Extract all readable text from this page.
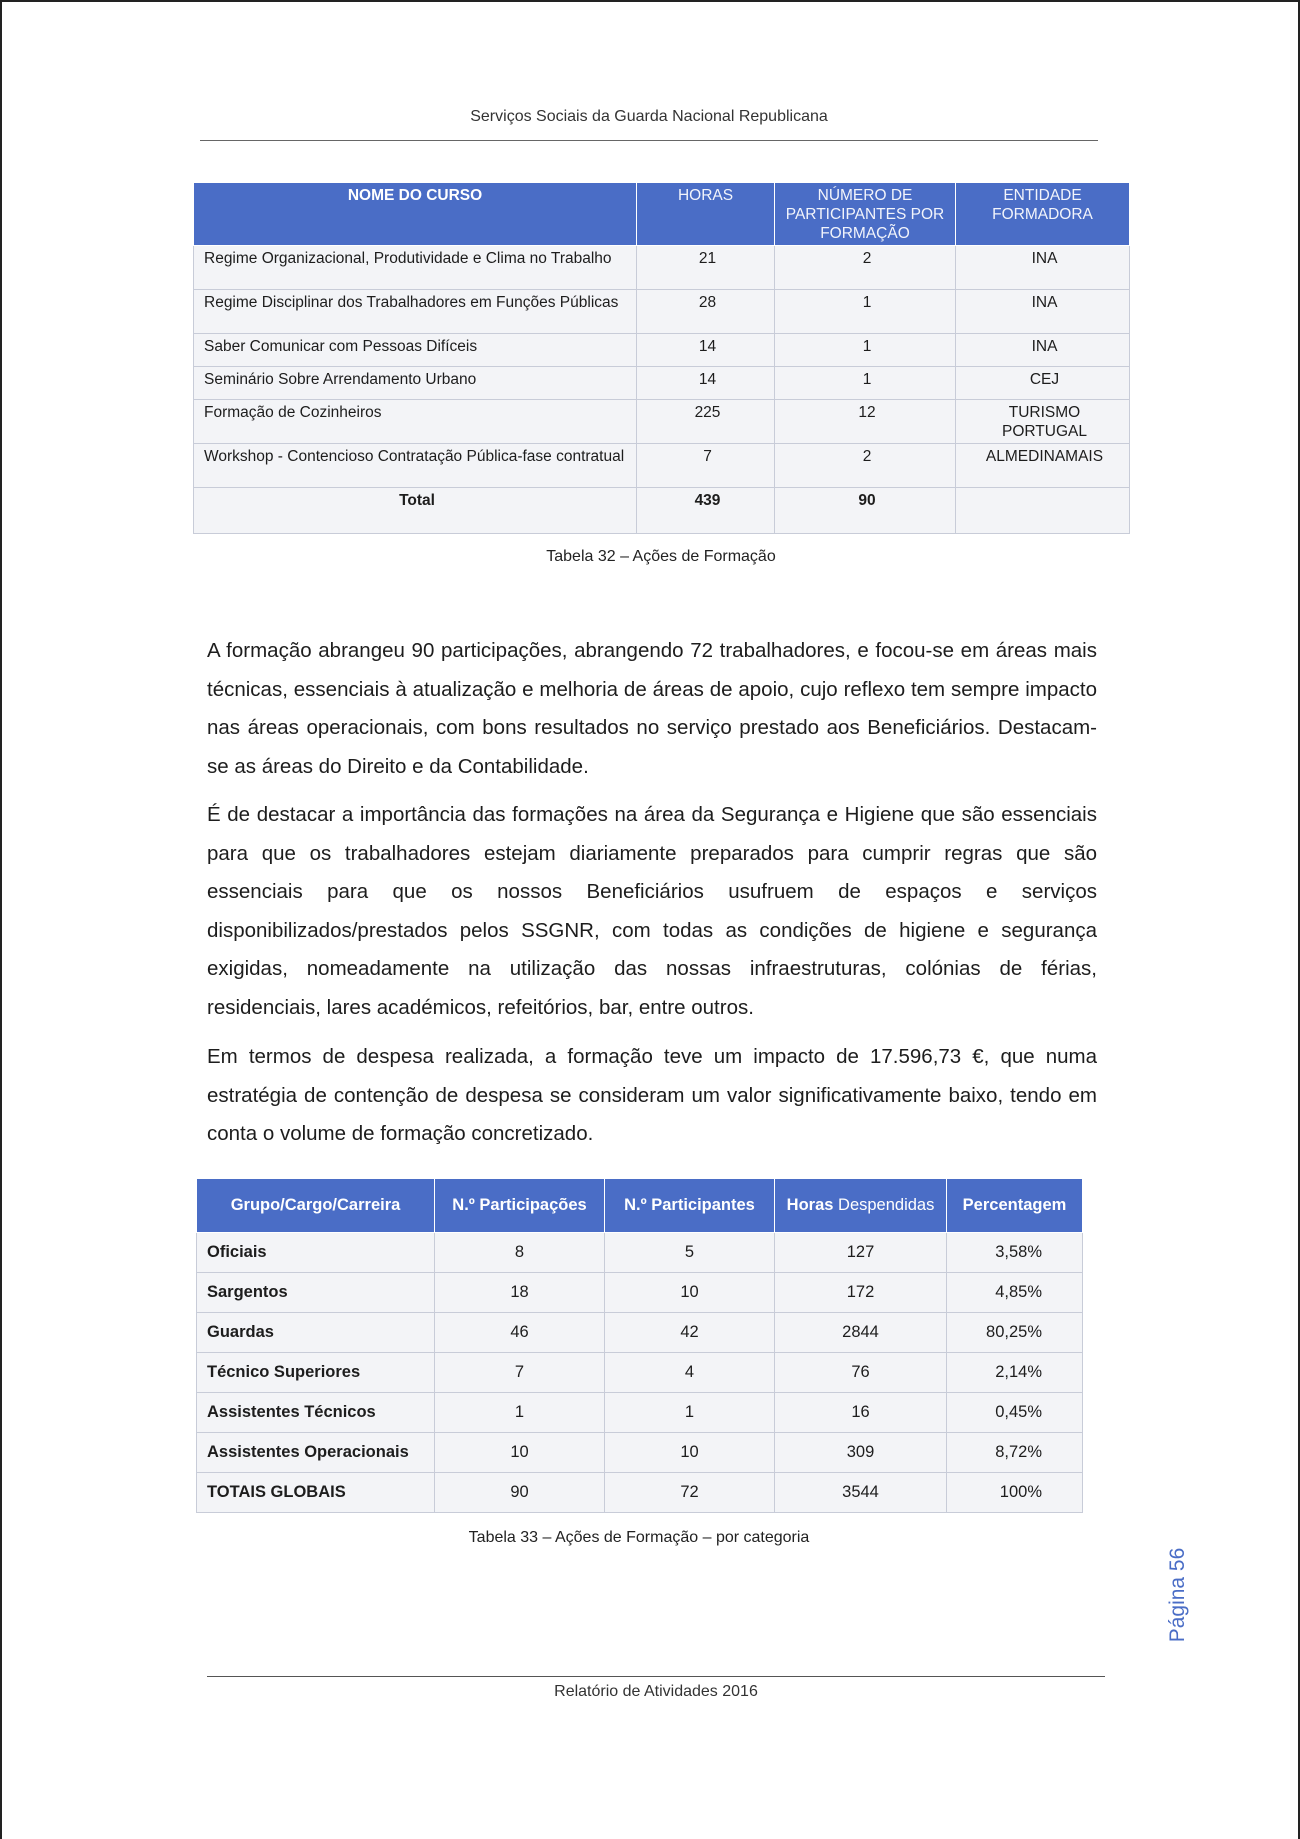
Serviços Sociais da Guarda Nacional Republicana
NOME DO CURSO	HORAS	NÚMERO DE PARTICIPANTES POR FORMAÇÃO	ENTIDADE FORMADORA
Regime Organizacional, Produtividade e Clima no Trabalho	21	2	INA
Regime Disciplinar dos Trabalhadores em Funções Públicas	28	1	INA
Saber Comunicar com Pessoas Difíceis	14	1	INA
Seminário Sobre Arrendamento Urbano	14	1	CEJ
Formação de Cozinheiros	225	12	TURISMO PORTUGAL
Workshop - Contencioso Contratação Pública-fase contratual	7	2	ALMEDINAMAIS
Total	439	90	
Tabela 32 – Ações de Formação

A formação abrangeu 90 participações, abrangendo 72 trabalhadores, e focou-se em áreas mais técnicas, essenciais à atualização e melhoria de áreas de apoio, cujo reflexo tem sempre impacto nas áreas operacionais, com bons resultados no serviço prestado aos Beneficiários. Destacam-se as áreas do Direito e da Contabilidade.

É de destacar a importância das formações na área da Segurança e Higiene que são essenciais para que os trabalhadores estejam diariamente preparados para cumprir regras que são essenciais para que os nossos Beneficiários usufruem de espaços e serviços disponibilizados/prestados pelos SSGNR, com todas as condições de higiene e segurança exigidas, nomeadamente na utilização das nossas infraestruturas, colónias de férias, residenciais, lares académicos, refeitórios, bar, entre outros.

Em termos de despesa realizada, a formação teve um impacto de 17.596,73 €, que numa estratégia de contenção de despesa se consideram um valor significativamente baixo, tendo em conta o volume de formação concretizado.

Grupo/Cargo/Carreira	N.º Participações	N.º Participantes	Horas Despendidas	Percentagem
Oficiais	8	5	127	3,58%
Sargentos	18	10	172	4,85%
Guardas	46	42	2844	80,25%
Técnico Superiores	7	4	76	2,14%
Assistentes Técnicos	1	1	16	0,45%
Assistentes Operacionais	10	10	309	8,72%
TOTAIS GLOBAIS	90	72	3544	100%
Tabela 33 – Ações de Formação – por categoria
Página 56
Relatório de Atividades 2016
